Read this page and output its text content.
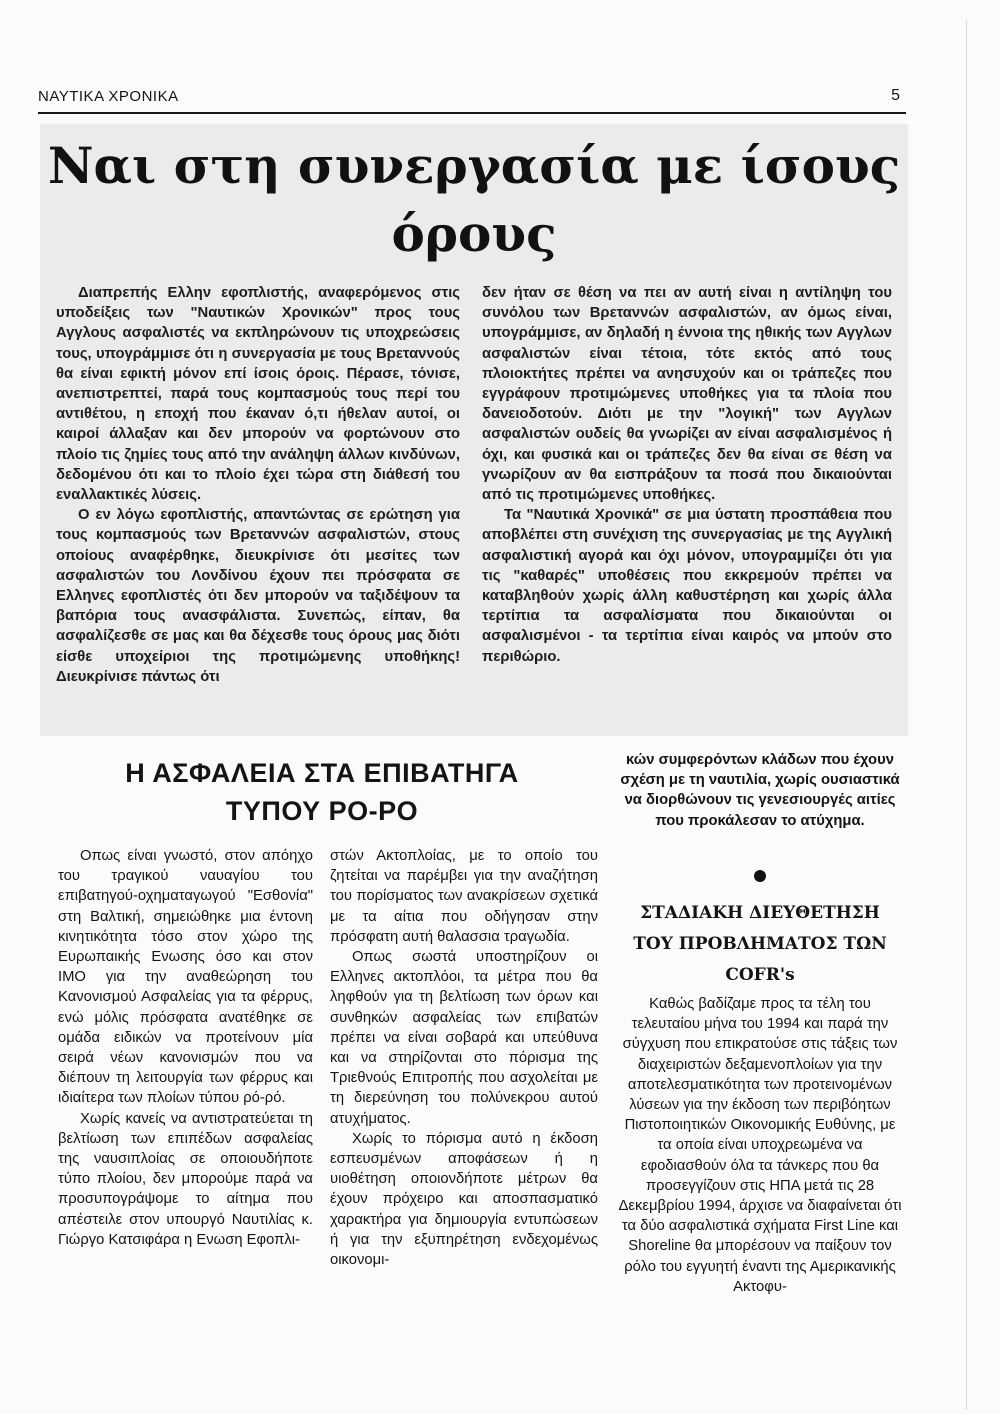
ΝΑΥΤΙΚΑ ΧΡΟΝΙΚΑ	5
Ναι στη συνεργασία με ίσους όρους

Διαπρεπής Ελλην εφοπλιστής, αναφερόμενος στις υποδείξεις των "Ναυτικών Χρονικών" προς τους Αγγλους ασφαλιστές να εκπληρώνουν τις υποχρεώσεις τους, υπογράμμισε ότι η συνεργασία με τους Βρεταννούς θα είναι εφικτή μόνον επί ίσοις όροις. Πέρασε, τόνισε, ανεπιστρεπτεί, παρά τους κομπασμούς τους περί του αντιθέτου, η εποχή που έκαναν ό,τι ήθελαν αυτοί, οι καιροί άλλαξαν και δεν μπορούν να φορτώνουν στο πλοίο τις ζημίες τους από την ανάληψη άλλων κινδύνων, δεδομένου ότι και το πλοίο έχει τώρα στη διάθεσή του εναλλακτικές λύσεις.

Ο εν λόγω εφοπλιστής, απαντώντας σε ερώτηση για τους κομπασμούς των Βρεταννών ασφαλιστών, στους οποίους αναφέρθηκε, διευκρίνισε ότι μεσίτες των ασφαλιστών του Λονδίνου έχουν πει πρόσφατα σε Ελληνες εφοπλιστές ότι δεν μπορούν να ταξιδέψουν τα βαπόρια τους ανασφάλιστα. Συνεπώς, είπαν, θα ασφαλίζεσθε σε μας και θα δέχεσθε τους όρους μας διότι είσθε υποχείριοι της προτιμώμενης υποθήκης! Διευκρίνισε πάντως ότι

δεν ήταν σε θέση να πει αν αυτή είναι η αντίληψη του συνόλου των Βρεταννών ασφαλιστών, αν όμως είναι, υπογράμμισε, αν δηλαδή η έννοια της ηθικής των Αγγλων ασφαλιστών είναι τέτοια, τότε εκτός από τους πλοιοκτήτες πρέπει να ανησυχούν και οι τράπεζες που εγγράφουν προτιμώμενες υποθήκες για τα πλοία που δανειοδοτούν. Διότι με την "λογική" των Αγγλων ασφαλιστών ουδείς θα γνωρίζει αν είναι ασφαλισμένος ή όχι, και φυσικά και οι τράπεζες δεν θα είναι σε θέση να γνωρίζουν αν θα εισπράξουν τα ποσά που δικαιούνται από τις προτιμώμενες υποθήκες.

Τα "Ναυτικά Χρονικά" σε μια ύστατη προσπάθεια που αποβλέπει στη συνέχιση της συνεργασίας με της Αγγλική ασφαλιστική αγορά και όχι μόνον, υπογραμμίζει ότι για τις "καθαρές" υποθέσεις που εκκρεμούν πρέπει να καταβληθούν χωρίς άλλη καθυστέρηση και χωρίς άλλα τερτίπια τα ασφαλίσματα που δικαιούνται οι ασφαλισμένοι - τα τερτίπια είναι καιρός να μπούν στο περιθώριο.

Η ΑΣΦΑΛΕΙΑ ΣΤΑ ΕΠΙΒΑΤΗΓΑ
ΤΥΠΟΥ ΡΟ-ΡΟ

Οπως είναι γνωστό, στον απόηχο του τραγικού ναυαγίου του επιβατηγού-οχηματαγωγού "Εσθονία" στη Βαλτική, σημειώθηκε μια έντονη κινητικότητα τόσο στον χώρο της Ευρωπαικής Ενωσης όσο και στον ΙΜΟ για την αναθεώρηση του Κανονισμού Ασφαλείας για τα φέρρυς, ενώ μόλις πρόσφατα ανατέθηκε σε ομάδα ειδικών να προτείνουν μία σειρά νέων κανονισμών που να διέπουν τη λειτουργία των φέρρυς και ιδιαίτερα των πλοίων τύπου ρό-ρό.

Χωρίς κανείς να αντιστρατεύεται τη βελτίωση των επιπέδων ασφαλείας της ναυσιπλοίας σε οποιουδήποτε τύπο πλοίου, δεν μπορούμε παρά να προσυπογράψομε το αίτημα που απέστειλε στον υπουργό Ναυτιλίας κ. Γιώργο Κατσιφάρα η Ενωση Εφοπλι-

στών Ακτοπλοίας, με το οποίο του ζητείται να παρέμβει για την αναζήτηση του πορίσματος των ανακρίσεων σχετικά με τα αίτια που οδήγησαν στην πρόσφατη αυτή θαλασσια τραγωδία.

Οπως σωστά υποστηρίζουν οι Ελληνες ακτοπλόοι, τα μέτρα που θα ληφθούν για τη βελτίωση των όρων και συνθηκών ασφαλείας των επιβατών πρέπει να είναι σοβαρά και υπεύθυνα και να στηρίζονται στο πόρισμα της Τριεθνούς Επιτροπής που ασχολείται με τη διερεύνηση του πολύνεκρου αυτού ατυχήματος.

Χωρίς το πόρισμα αυτό η έκδοση εσπευσμένων αποφάσεων ή η υιοθέτηση οποιονδήποτε μέτρων θα έχουν πρόχειρο και αποσπασματικό χαρακτήρα για δημιουργία εντυπώσεων ή για την εξυπηρέτηση ενδεχομένως οικονομι-

κών συμφερόντων κλάδων που έχουν σχέση με τη ναυτιλία, χωρίς ουσιαστικά να διορθώνουν τις γενεσιουργές αιτίες που προκάλεσαν το ατύχημα.

ΣΤΑΔΙΑΚΗ ΔΙΕΥΘΕΤΗΣΗ
ΤΟΥ ΠΡΟΒΛΗΜΑΤΟΣ ΤΩΝ
COFR's

Καθώς βαδίζαμε προς τα τέλη του τελευταίου μήνα του 1994 και παρά την σύγχυση που επικρατούσε στις τάξεις των διαχειριστών δεξαμενοπλοίων για την αποτελεσματικότητα των προτεινομένων λύσεων για την έκδοση των περιβόητων Πιστοποιητικών Οικονομικής Ευθύνης, με τα οποία είναι υποχρεωμένα να εφοδιασθούν όλα τα τάνκερς που θα προσεγγίζουν στις ΗΠΑ μετά τις 28 Δεκεμβρίου 1994, άρχισε να διαφαίνεται ότι τα δύο ασφαλιστικά σχήματα First Line και Shoreline θα μπορέσουν να παίξουν τον ρόλο του εγγυητή έναντι της Αμερικανικής Ακτοφυ-
